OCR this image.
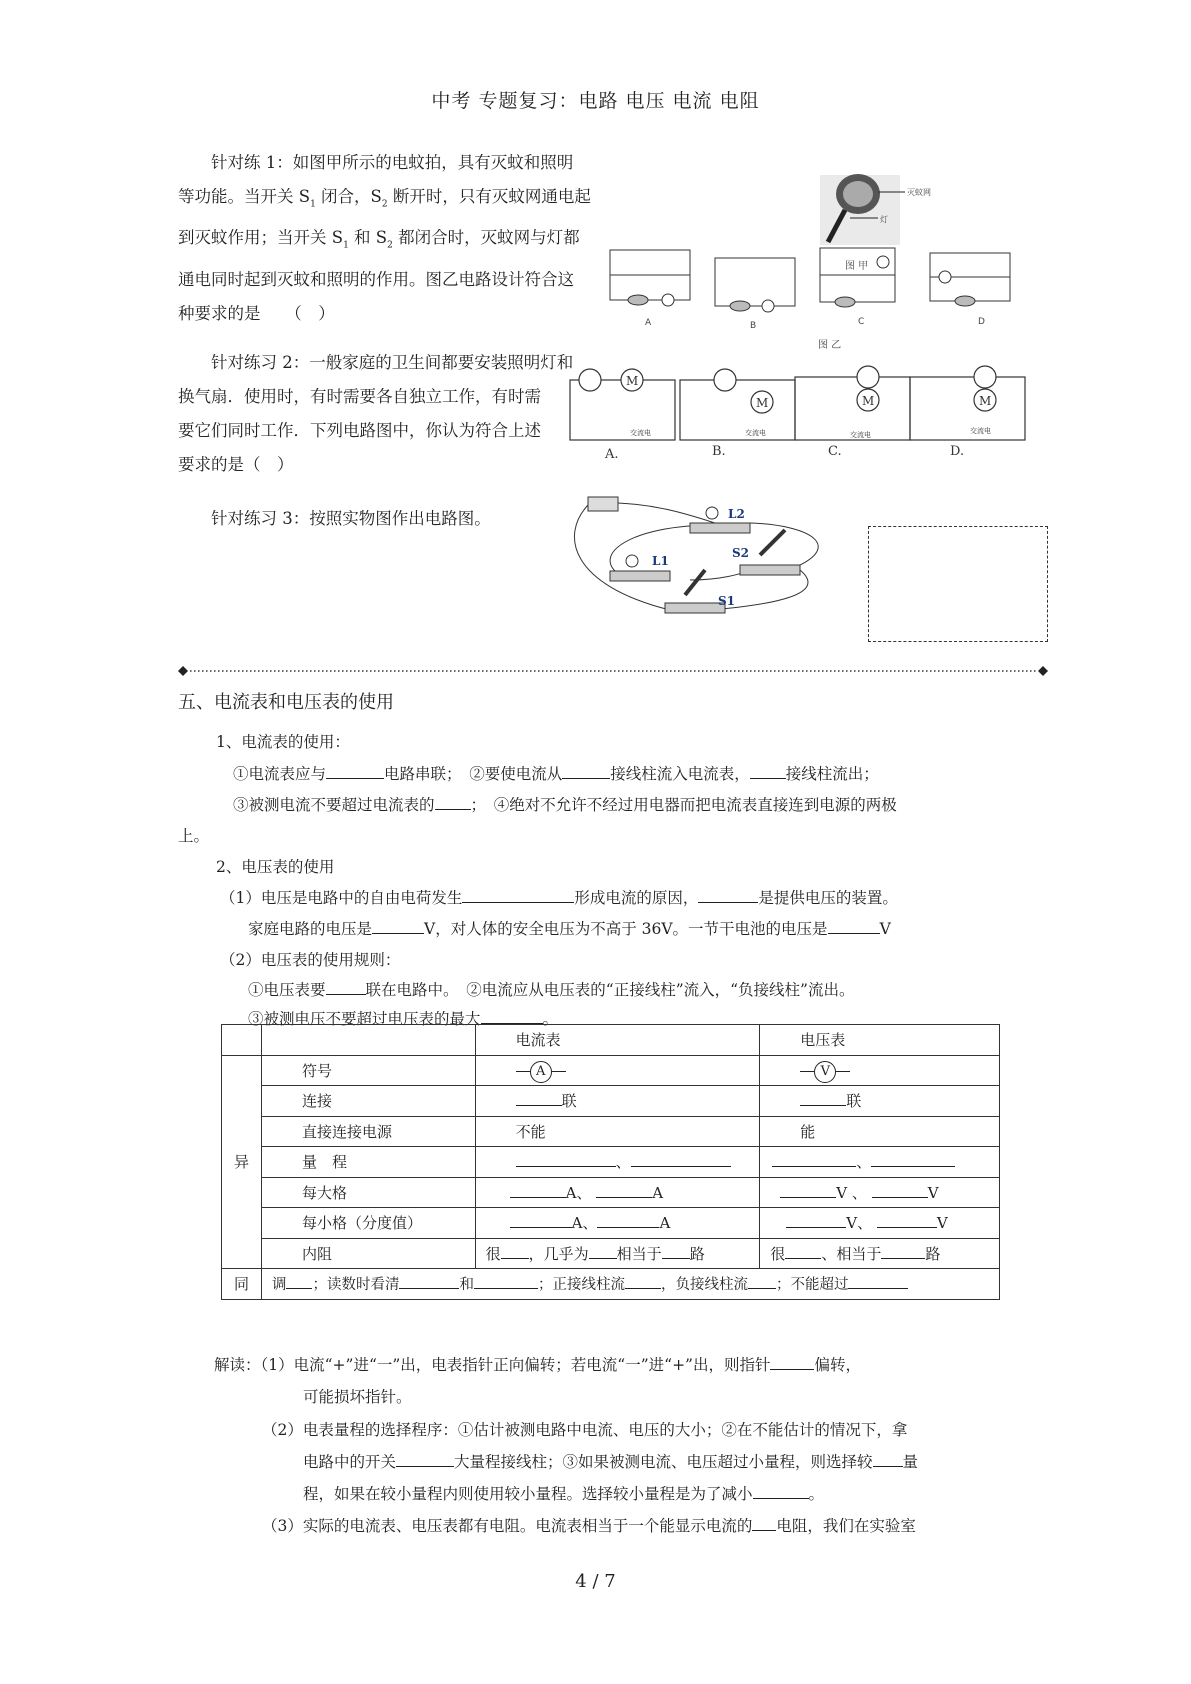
中考 专题复习：电路 电压 电流 电阻
针对练 1：如图甲所示的电蚊拍，具有灭蚊和照明
等功能。当开关 $S_1$ 闭合，$S_2$ 断开时，只有灭蚊网通电起
到灭蚊作用；当开关 $S_1$ 和 $S_2$ 都闭合时，灭蚊网与灯都
通电同时起到灭蚊和照明的作用。图乙电路设计符合这
种要求的是　　（　）
灭蚊网
灯
图 甲
A	B	C	D
图 乙
针对练习 2：一般家庭的卫生间都要安装照明灯和
换气扇．使用时，有时需要各自独立工作，有时需
要它们同时工作．下列电路图中，你认为符合上述
要求的是（　）
M
M	M	M
交流电	交流电	交流电	交流电
A.	B.	C.	D.
针对练习 3：按照实物图作出电路图。	L2
L1
S2
S1
五、电流表和电压表的使用
1、电流表的使用：
①电流表应与	电路串联；　②要使电流从	接线柱流入电流表， 接线柱流出；
③被测电流不要超过电流表的 ；　④绝对不允许不经过用电器而把电流表直接连到电源的两极
上。
2、电压表的使用
（1）电压是电路中的自由电荷发生	形成电流的原因，	是提供电压的装置。
家庭电路的电压是	V，对人体的安全电压为不高于 36V。一节干电池的电压是	V
（2）电压表的使用规则：
①电压表要	联在电路中。　②电流应从电压表的“正接线柱”流入，“负接线柱”流出。
③被测电压不要超过电压表的最大	。
		电流表	电压表
异	符号	A	V

	连接	联	联
	直接连接电源	不能	能
	量　程	、	、
	每大格	A、 A	V 、 V
	每小格（分度值）	A、 A	V、 V
	内阻	很 ，几乎为 相当于 路	很 、相当于 路
同	调 ；读数时看清 和 ；正接线柱流 ，负接线柱流 ；不能超过		
解读：（1）电流“+”进“一”出，电表指针正向偏转；若电流“一”进“+”出，则指针	偏转，
可能损坏指针。
（2）电表量程的选择程序：①估计被测电路中电流、电压的大小；②在不能估计的情况下，拿
电路中的开关	大量程接线柱；③如果被测电流、电压超过小量程，则选择较 量
程，如果在较小量程内则使用较小量程。选择较小量程是为了减小	。
（3）实际的电流表、电压表都有电阻。电流表相当于一个能显示电流的 电阻，我们在实验室
4 / 7
